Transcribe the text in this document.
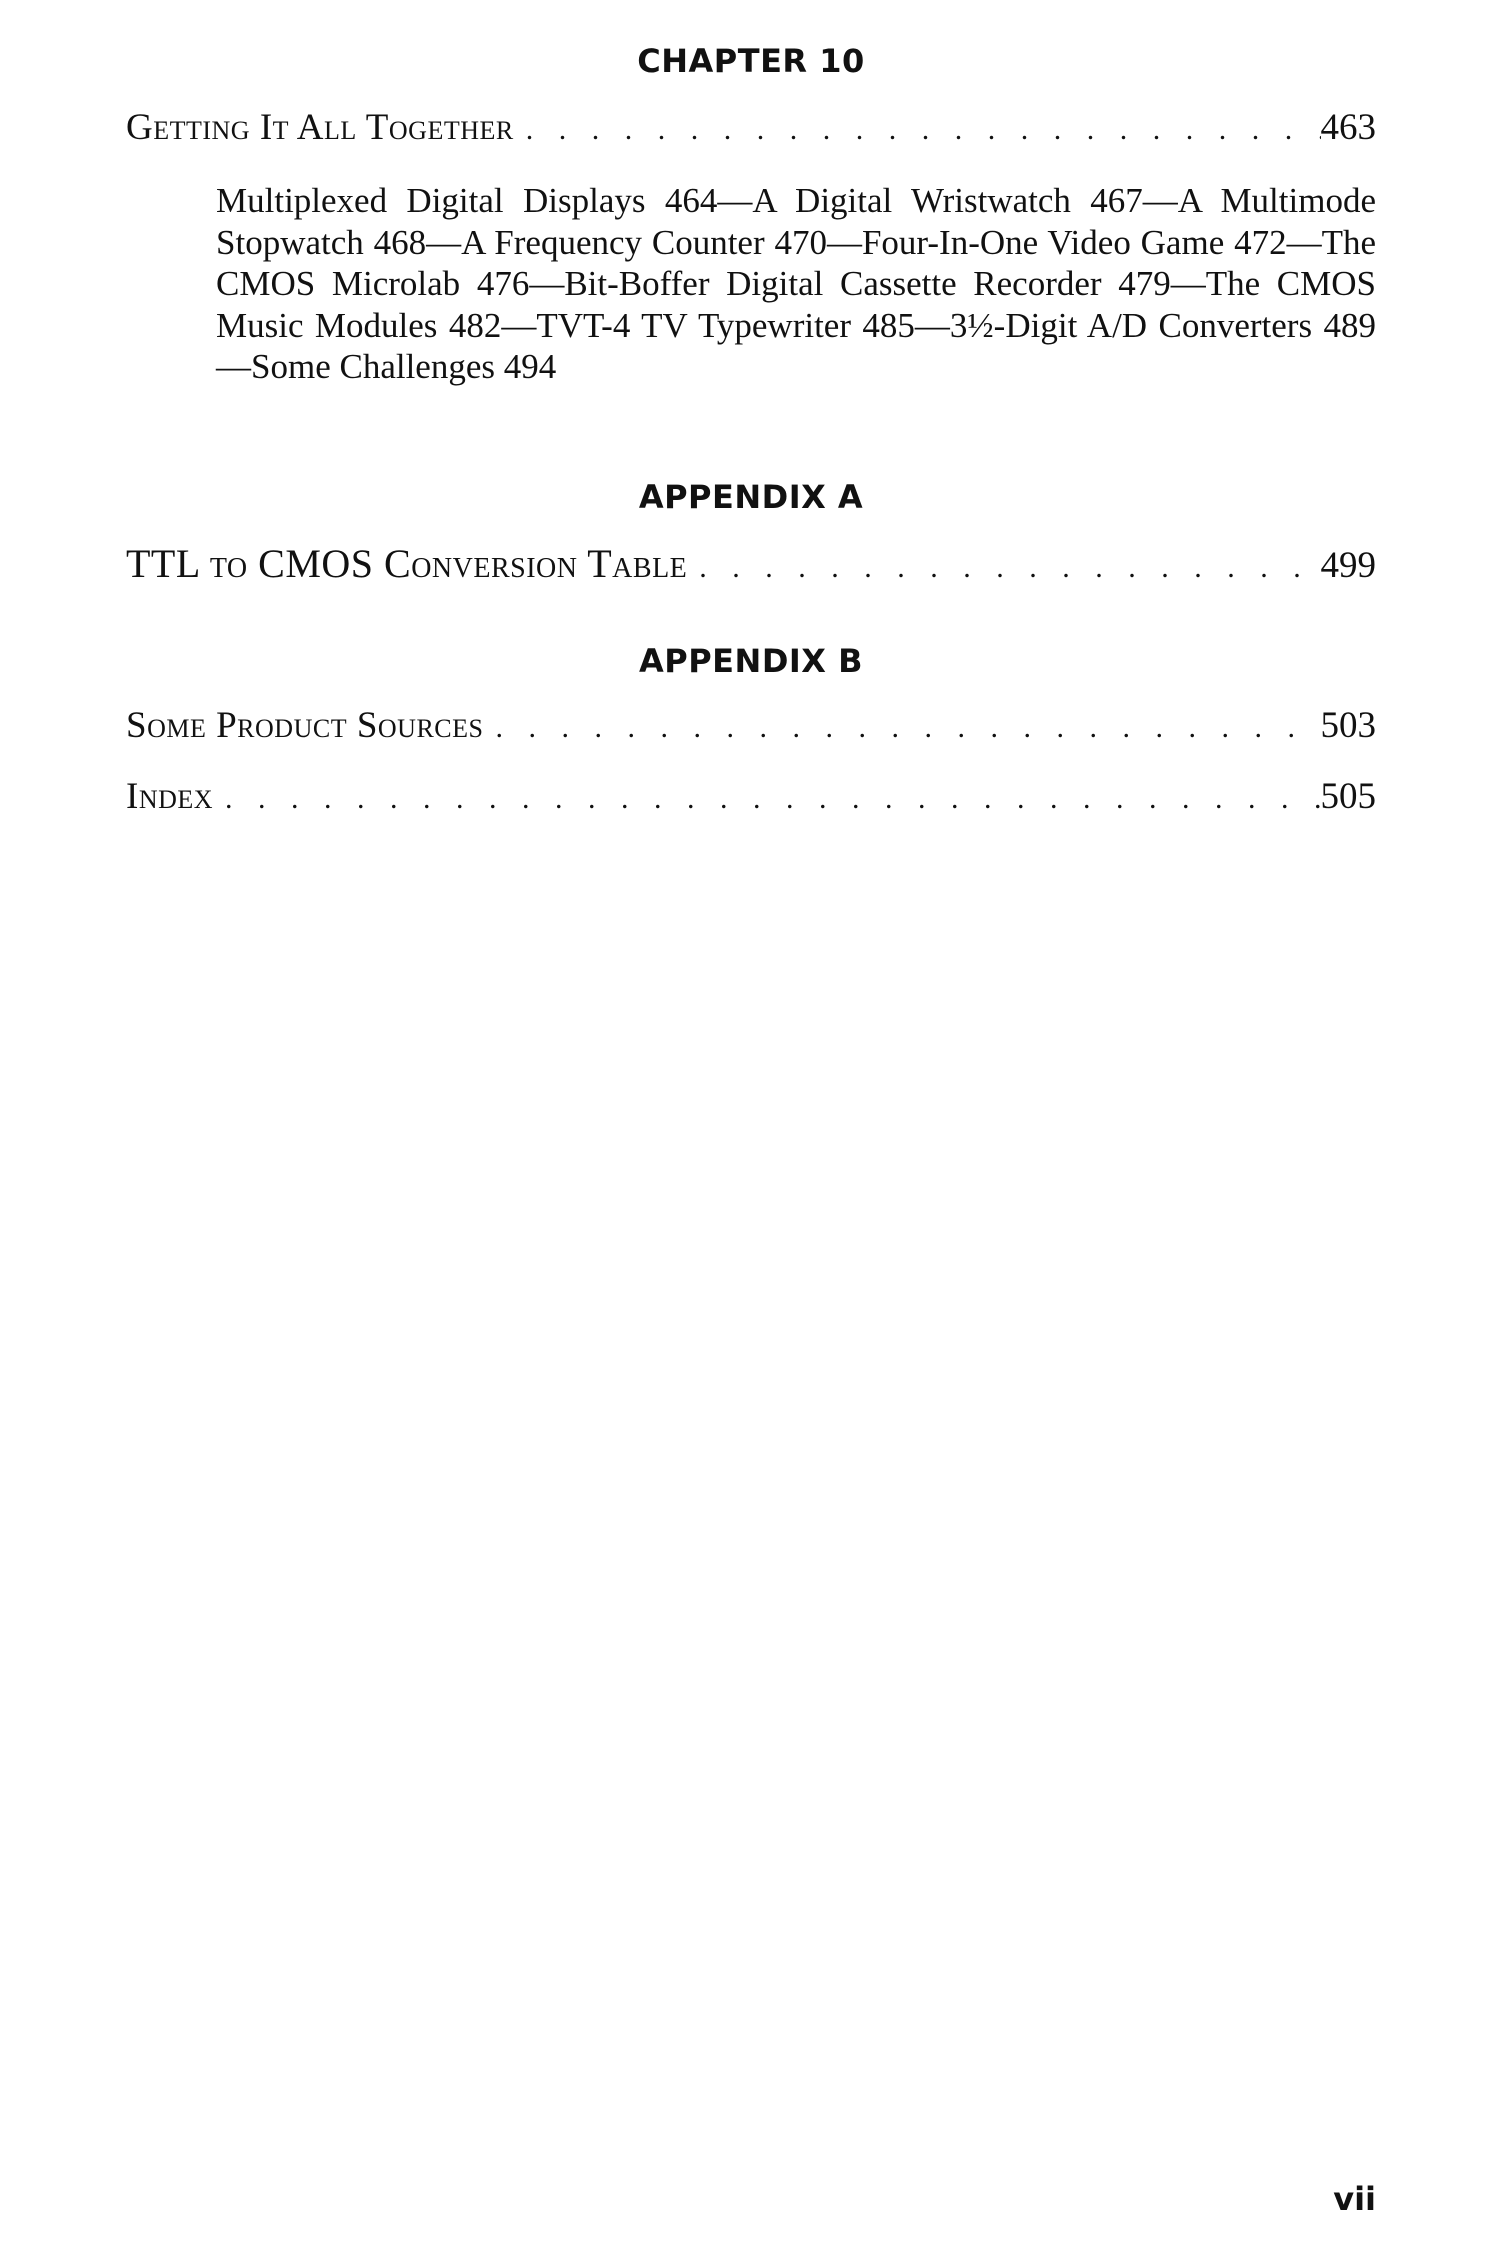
CHAPTER 10
Getting It All Together . . .	463
Multiplexed Digital Displays 464—A Digital Wristwatch 467—A Multimode Stopwatch 468—A Frequency Counter 470—Four-In-One Video Game 472—The CMOS Microlab 476—Bit-Boffer Digital Cassette Recorder 479—The CMOS Music Modules 482—TVT-4 TV Typewriter 485—3½-Digit A/D Converters 489—Some Challenges 494
APPENDIX A
TTL to CMOS Conversion Table . . .	499
APPENDIX B
Some Product Sources . . .	503
Index . . .	505
vii
